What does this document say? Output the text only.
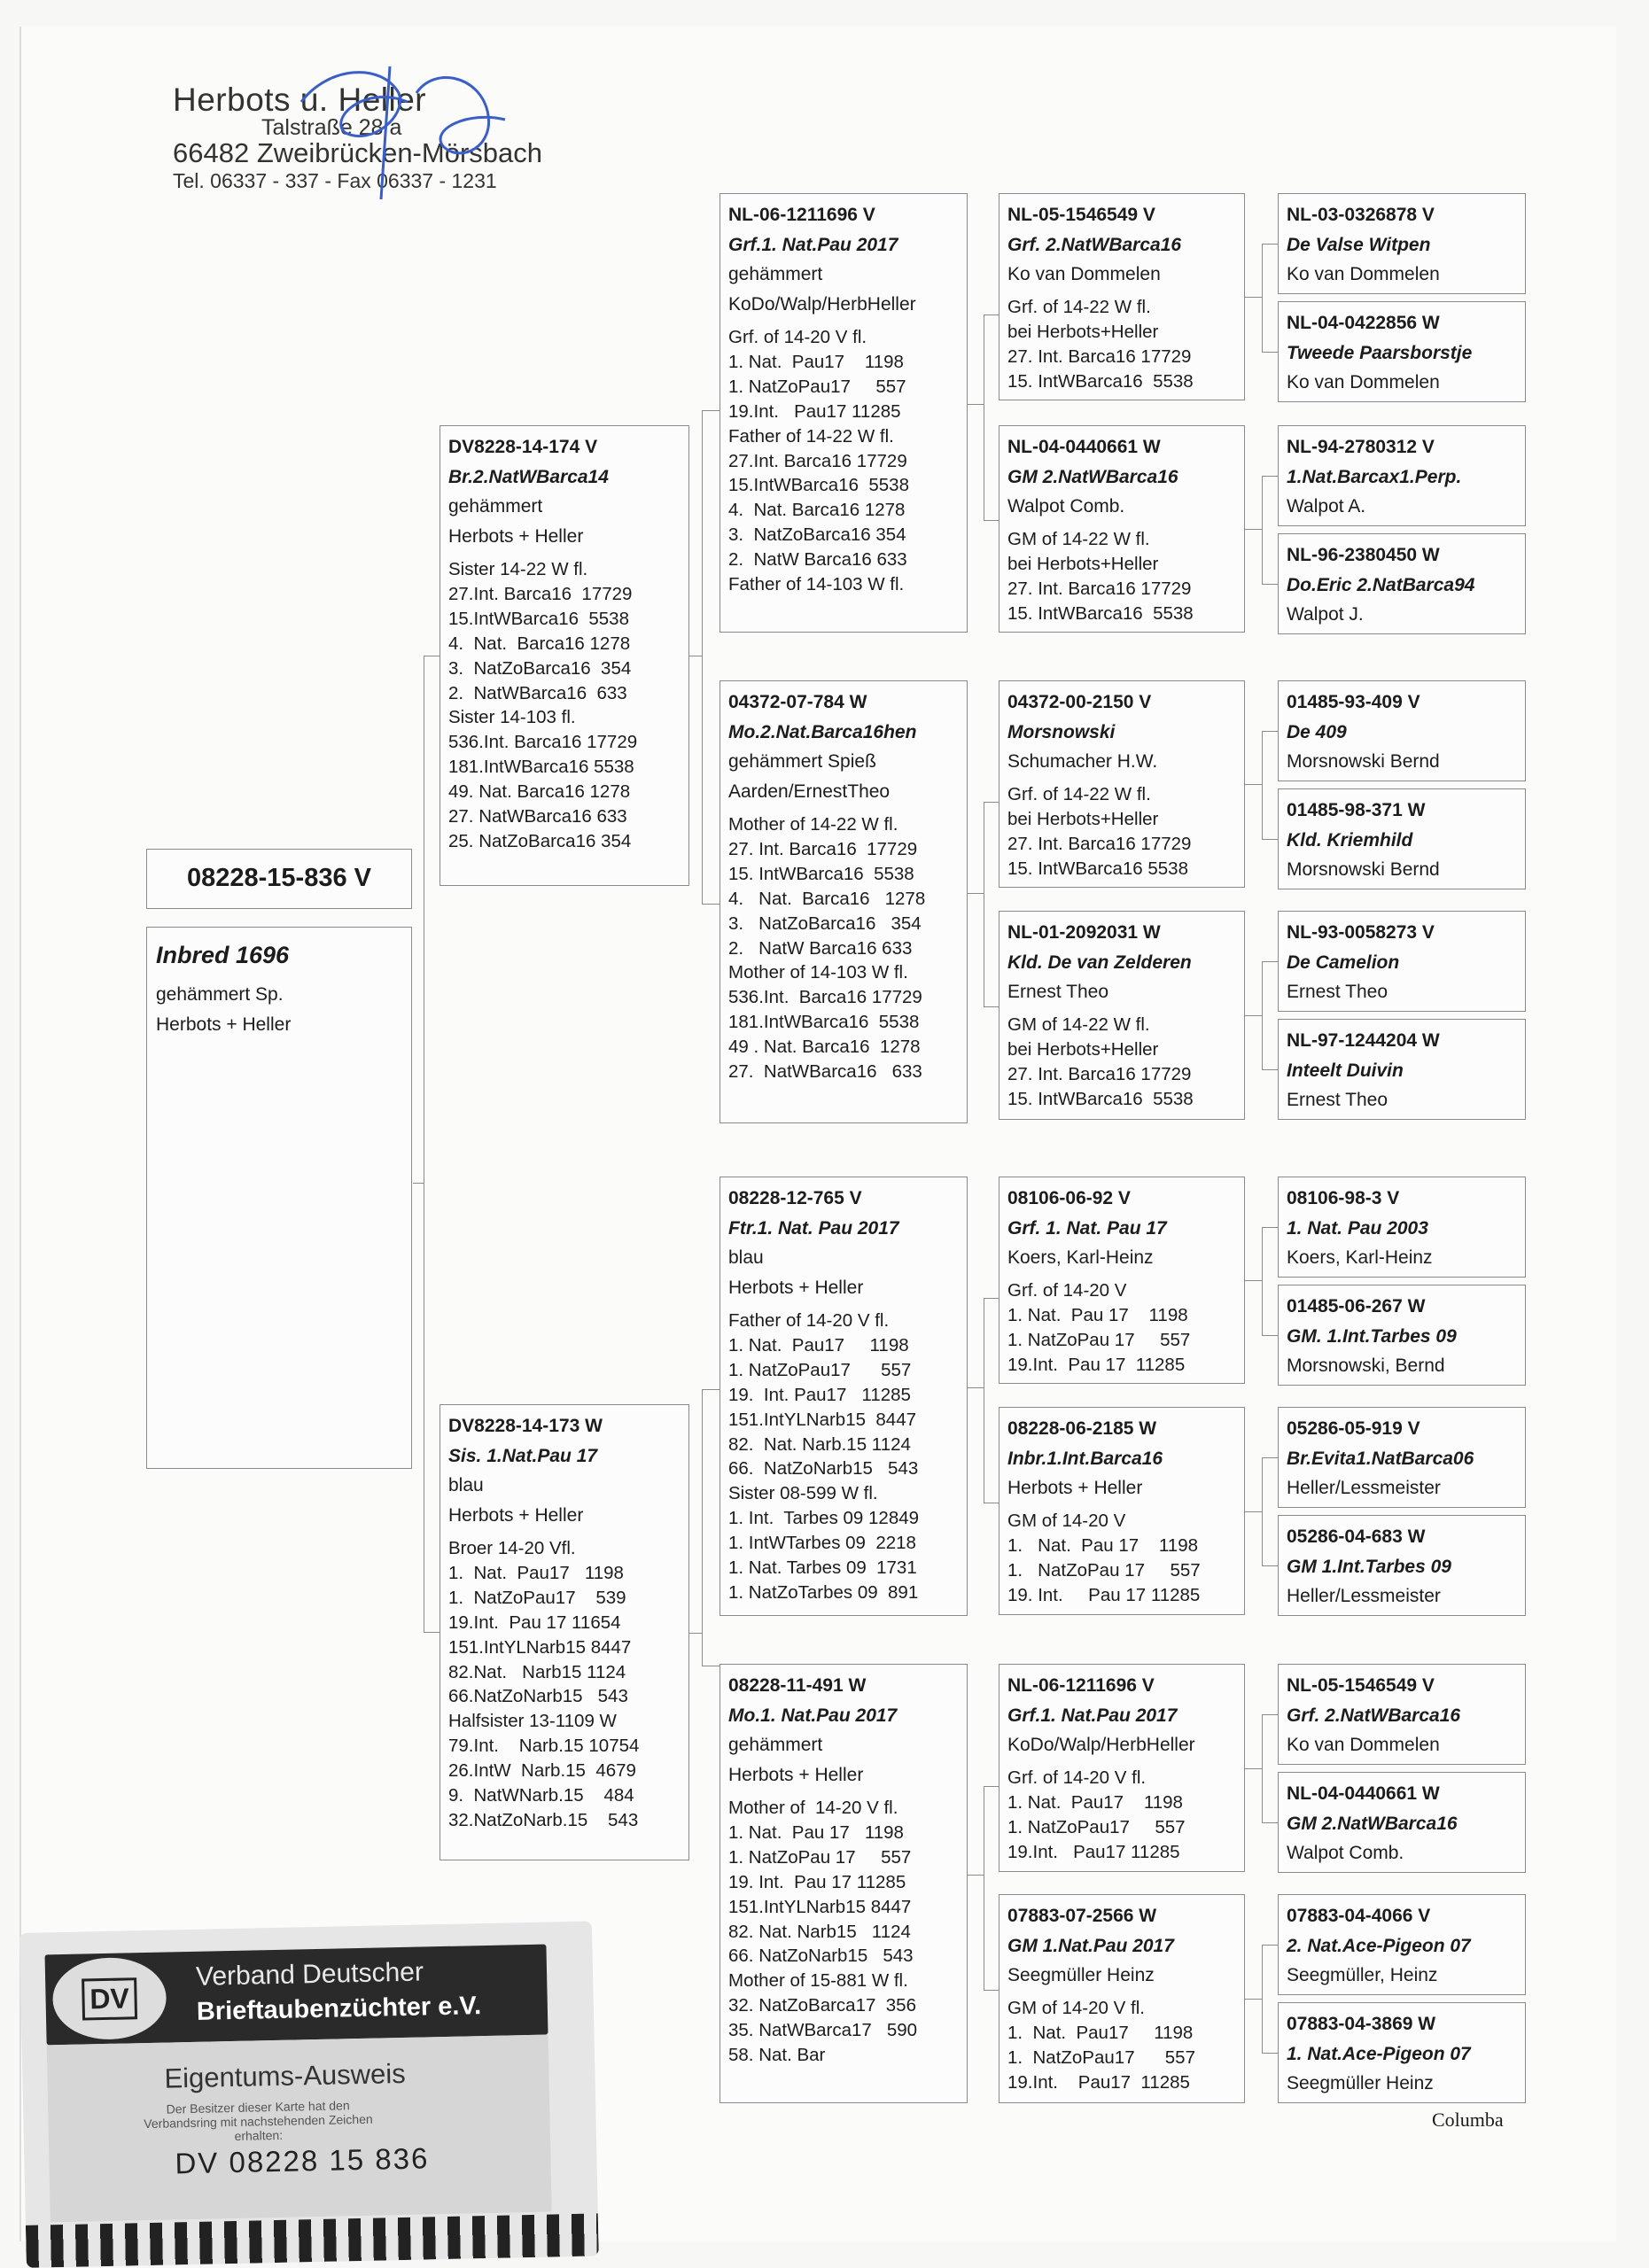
Herbots u. Heller
Talstraße 28 a
66482 Zweibrücken-Mörsbach
Tel. 06337 - 337 - Fax 06337 - 1231
08228-15-836 V
Inbred 1696
gehämmert Sp.
Herbots + Heller
DV8228-14-174 V
Br.2.NatWBarca14
gehämmert
Herbots + Heller
Sister 14-22 W fl.
27.Int. Barca16  17729
15.IntWBarca16  5538
4.  Nat.  Barca16 1278
3.  NatZoBarca16  354
2.  NatWBarca16  633
Sister 14-103 fl.
536.Int. Barca16 17729
181.IntWBarca16 5538
49. Nat. Barca16 1278
27. NatWBarca16 633
25. NatZoBarca16 354
DV8228-14-173 W
Sis. 1.Nat.Pau 17
blau
Herbots + Heller
Broer 14-20 Vfl.
1.  Nat.  Pau17   1198
1.  NatZoPau17    539
19.Int.  Pau 17 11654
151.IntYLNarb15 8447
82.Nat.   Narb15 1124
66.NatZoNarb15   543
Halfsister 13-1109 W
79.Int.    Narb.15 10754
26.IntW  Narb.15  4679
9.  NatWNarb.15    484
32.NatZoNarb.15    543
NL-06-1211696 V
Grf.1. Nat.Pau 2017
gehämmert
KoDo/Walp/HerbHeller
Grf. of 14-20 V fl.
1. Nat.  Pau17    1198
1. NatZoPau17     557
19.Int.   Pau17 11285
Father of 14-22 W fl.
27.Int. Barca16 17729
15.IntWBarca16  5538
4.  Nat. Barca16 1278
3.  NatZoBarca16 354
2.  NatW Barca16 633
Father of 14-103 W fl.
04372-07-784 W
Mo.2.Nat.Barca16hen
gehämmert Spieß
Aarden/ErnestTheo
Mother of 14-22 W fl.
27. Int. Barca16  17729
15. IntWBarca16  5538
4.   Nat.  Barca16   1278
3.   NatZoBarca16   354
2.   NatW Barca16 633
Mother of 14-103 W fl.
536.Int.  Barca16 17729
181.IntWBarca16  5538
49 . Nat. Barca16  1278
27.  NatWBarca16   633
08228-12-765 V
Ftr.1. Nat. Pau 2017
blau
Herbots + Heller
Father of 14-20 V fl.
1. Nat.  Pau17     1198
1. NatZoPau17      557
19.  Int. Pau17   11285
151.IntYLNarb15  8447
82.  Nat. Narb.15 1124
66.  NatZoNarb15   543
Sister 08-599 W fl.
1. Int.  Tarbes 09 12849
1. IntWTarbes 09  2218
1. Nat. Tarbes 09  1731
1. NatZoTarbes 09  891
08228-11-491 W
Mo.1. Nat.Pau 2017
gehämmert
Herbots + Heller
Mother of  14-20 V fl.
1. Nat.  Pau 17   1198
1. NatZoPau 17     557
19. Int.  Pau 17 11285
151.IntYLNarb15 8447
82. Nat. Narb15   1124
66. NatZoNarb15   543
Mother of 15-881 W fl.
32. NatZoBarca17  356
35. NatWBarca17   590
58. Nat. Bar
NL-05-1546549 V
Grf. 2.NatWBarca16
Ko van Dommelen
Grf. of 14-22 W fl.
bei Herbots+Heller
27. Int. Barca16 17729
15. IntWBarca16  5538
NL-04-0440661 W
GM 2.NatWBarca16
Walpot Comb.
GM of 14-22 W fl.
bei Herbots+Heller
27. Int. Barca16 17729
15. IntWBarca16  5538
04372-00-2150 V
Morsnowski
Schumacher H.W.
Grf. of 14-22 W fl.
bei Herbots+Heller
27. Int. Barca16 17729
15. IntWBarca16 5538
NL-01-2092031 W
Kld. De van Zelderen
Ernest Theo
GM of 14-22 W fl.
bei Herbots+Heller
27. Int. Barca16 17729
15. IntWBarca16  5538
08106-06-92 V
Grf. 1. Nat. Pau 17
Koers, Karl-Heinz
Grf. of 14-20 V
1. Nat.  Pau 17    1198
1. NatZoPau 17     557
19.Int.  Pau 17  11285
08228-06-2185 W
Inbr.1.Int.Barca16
Herbots + Heller
GM of 14-20 V
1.   Nat.  Pau 17    1198
1.   NatZoPau 17     557
19. Int.     Pau 17 11285
NL-06-1211696 V
Grf.1. Nat.Pau 2017
KoDo/Walp/HerbHeller
Grf. of 14-20 V fl.
1. Nat.  Pau17    1198
1. NatZoPau17     557
19.Int.   Pau17 11285
07883-07-2566 W
GM 1.Nat.Pau 2017
Seegmüller Heinz
GM of 14-20 V fl.
1.  Nat.  Pau17     1198
1.  NatZoPau17      557
19.Int.    Pau17  11285
NL-03-0326878 V
De Valse Witpen
Ko van Dommelen
NL-04-0422856 W
Tweede Paarsborstje
Ko van Dommelen
NL-94-2780312 V
1.Nat.Barcax1.Perp.
Walpot A.
NL-96-2380450 W
Do.Eric 2.NatBarca94
Walpot J.
01485-93-409 V
De 409
Morsnowski Bernd
01485-98-371 W
Kld. Kriemhild
Morsnowski Bernd
NL-93-0058273 V
De Camelion
Ernest Theo
NL-97-1244204 W
Inteelt Duivin
Ernest Theo
08106-98-3 V
1. Nat. Pau 2003
Koers, Karl-Heinz
01485-06-267 W
GM. 1.Int.Tarbes 09
Morsnowski, Bernd
05286-05-919 V
Br.Evita1.NatBarca06
Heller/Lessmeister
05286-04-683 W
GM 1.Int.Tarbes 09
Heller/Lessmeister
NL-05-1546549 V
Grf. 2.NatWBarca16
Ko van Dommelen
NL-04-0440661 W
GM 2.NatWBarca16
Walpot Comb.
07883-04-4066 V
2. Nat.Ace-Pigeon 07
Seegmüller, Heinz
07883-04-3869 W
1. Nat.Ace-Pigeon 07
Seegmüller Heinz
Columba
DV
Verband Deutscher
Brieftaubenzüchter e.V.
Eigentums-Ausweis
Der Besitzer dieser Karte hat den Verbandsring mit nachstehenden Zeichen erhalten:
DV 08228 15 836
